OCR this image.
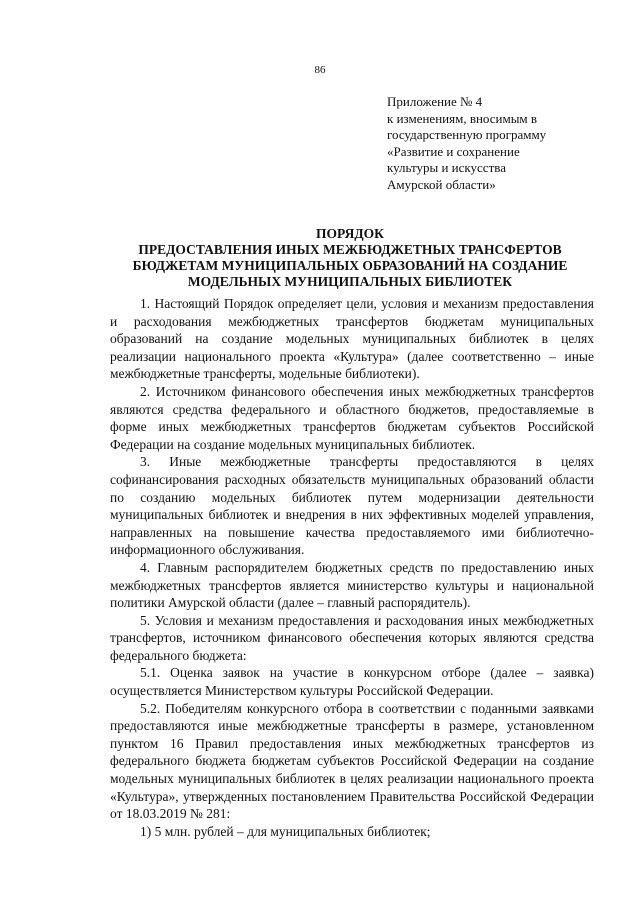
86
Приложение № 4
к изменениям, вносимым в
государственную программу
«Развитие и сохранение
культуры и искусства
Амурской области»
ПОРЯДОК
ПРЕДОСТАВЛЕНИЯ ИНЫХ МЕЖБЮДЖЕТНЫХ ТРАНСФЕРТОВ
БЮДЖЕТАМ МУНИЦИПАЛЬНЫХ ОБРАЗОВАНИЙ НА СОЗДАНИЕ
МОДЕЛЬНЫХ МУНИЦИПАЛЬНЫХ БИБЛИОТЕК

1. Настоящий Порядок определяет цели, условия и механизм предоставления и расходования межбюджетных трансфертов бюджетам муниципальных образований на создание модельных муниципальных библиотек в целях реализации национального проекта «Культура» (далее соответственно – иные межбюджетные трансферты, модельные библиотеки).

2. Источником финансового обеспечения иных межбюджетных трансфертов являются средства федерального и областного бюджетов, предоставляемые в форме иных межбюджетных трансфертов бюджетам субъектов Российской Федерации на создание модельных муниципальных библиотек.

3. Иные межбюджетные трансферты предоставляются в целях софинансирования расходных обязательств муниципальных образований области по созданию модельных библиотек путем модернизации деятельности муниципальных библиотек и внедрения в них эффективных моделей управления, направленных на повышение качества предоставляемого ими библиотечно-информационного обслуживания.

4. Главным распорядителем бюджетных средств по предоставлению иных межбюджетных трансфертов является министерство культуры и национальной политики Амурской области (далее – главный распорядитель).

5. Условия и механизм предоставления и расходования иных межбюджетных трансфертов, источником финансового обеспечения которых являются средства федерального бюджета:

5.1. Оценка заявок на участие в конкурсном отборе (далее – заявка) осуществляется Министерством культуры Российской Федерации.

5.2. Победителям конкурсного отбора в соответствии с поданными заявками предоставляются иные межбюджетные трансферты в размере, установленном пунктом 16 Правил предоставления иных межбюджетных трансфертов из федерального бюджета бюджетам субъектов Российской Федерации на создание модельных муниципальных библиотек в целях реализации национального проекта «Культура», утвержденных постановлением Правительства Российской Федерации от 18.03.2019 № 281:

1) 5 млн. рублей – для муниципальных библиотек;
